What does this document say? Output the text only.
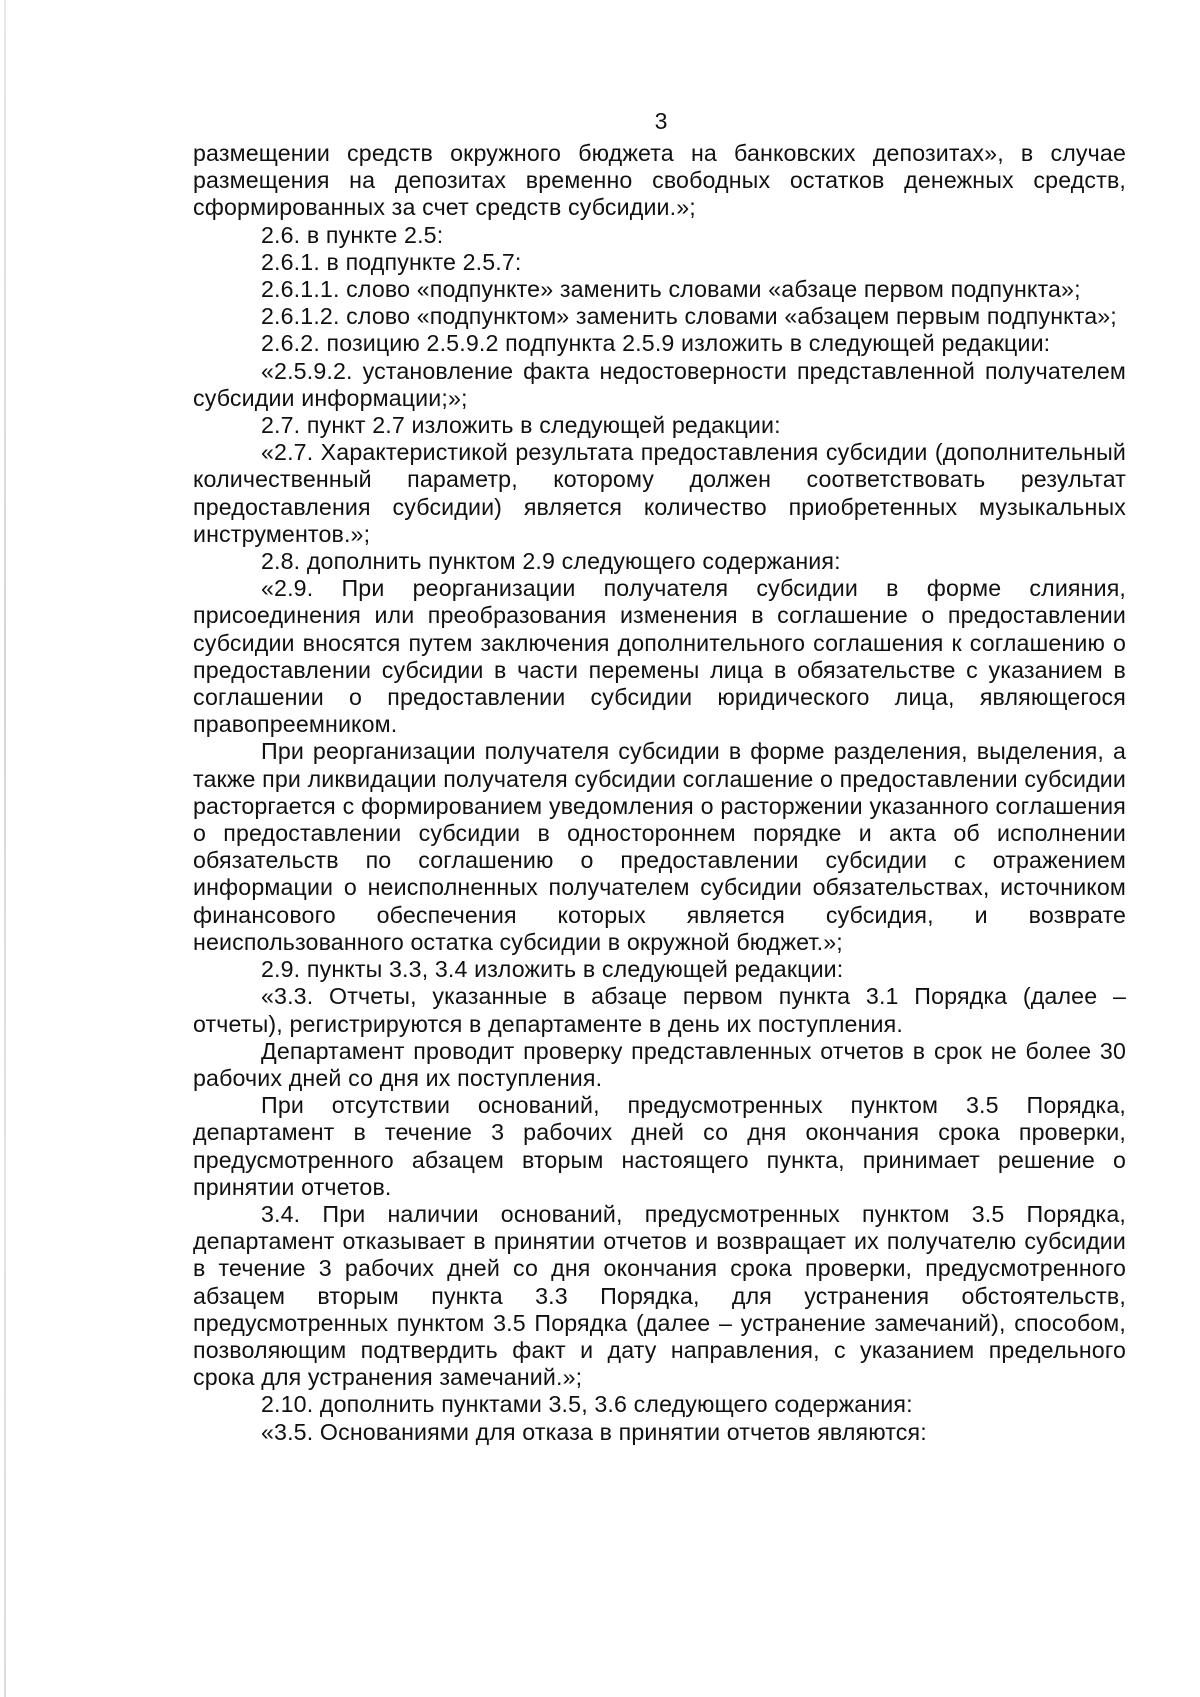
3

размещении средств окружного бюджета на банковских депозитах», в случае размещения на депозитах временно свободных остатков денежных средств, сформированных за счет средств субсидии.»;

2.6. в пункте 2.5:

2.6.1. в подпункте 2.5.7:

2.6.1.1. слово «подпункте» заменить словами «абзаце первом подпункта»;

2.6.1.2. слово «подпунктом» заменить словами «абзацем первым подпункта»;

2.6.2. позицию 2.5.9.2 подпункта 2.5.9 изложить в следующей редакции:

«2.5.9.2. установление факта недостоверности представленной получателем субсидии информации;»;

2.7. пункт 2.7 изложить в следующей редакции:

«2.7. Характеристикой результата предоставления субсидии (дополнительный количественный параметр, которому должен соответствовать результат предоставления субсидии) является количество приобретенных музыкальных инструментов.»;

2.8. дополнить пунктом 2.9 следующего содержания:

«2.9. При реорганизации получателя субсидии в форме слияния, присоединения или преобразования изменения в соглашение о предоставлении субсидии вносятся путем заключения дополнительного соглашения к соглашению о предоставлении субсидии в части перемены лица в обязательстве с указанием в соглашении о предоставлении субсидии юридического лица, являющегося правопреемником.

При реорганизации получателя субсидии в форме разделения, выделения, а также при ликвидации получателя субсидии соглашение о предоставлении субсидии расторгается с формированием уведомления о расторжении указанного соглашения о предоставлении субсидии в одностороннем порядке и акта об исполнении обязательств по соглашению о предоставлении субсидии с отражением информации о неисполненных получателем субсидии обязательствах, источником финансового обеспечения которых является субсидия, и возврате неиспользованного остатка субсидии в окружной бюджет.»;

2.9. пункты 3.3, 3.4 изложить в следующей редакции:

«3.3. Отчеты, указанные в абзаце первом пункта 3.1 Порядка (далее – отчеты), регистрируются в департаменте в день их поступления.

Департамент проводит проверку представленных отчетов в срок не более 30 рабочих дней со дня их поступления.

При отсутствии оснований, предусмотренных пунктом 3.5 Порядка, департамент в течение 3 рабочих дней со дня окончания срока проверки, предусмотренного абзацем вторым настоящего пункта, принимает решение о принятии отчетов.

3.4. При наличии оснований, предусмотренных пунктом 3.5 Порядка, департамент отказывает в принятии отчетов и возвращает их получателю субсидии в течение 3 рабочих дней со дня окончания срока проверки, предусмотренного абзацем вторым пункта 3.3 Порядка, для устранения обстоятельств, предусмотренных пунктом 3.5 Порядка (далее – устранение замечаний), способом, позволяющим подтвердить факт и дату направления, с указанием предельного срока для устранения замечаний.»;

2.10. дополнить пунктами 3.5, 3.6 следующего содержания:

«3.5. Основаниями для отказа в принятии отчетов являются:
